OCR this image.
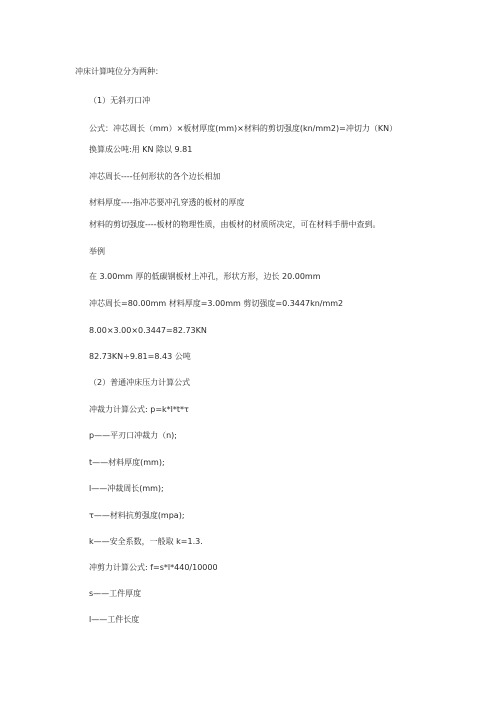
冲床计算吨位分为两种：
（1）无斜刃口冲
公式：冲芯周长（mm）×板材厚度(mm)×材料的剪切强度(kn/mm2)=冲切力（KN）
换算成公吨:用 KN 除以 9.81
冲芯周长----任何形状的各个边长相加
材料厚度----指冲芯要冲孔穿透的板材的厚度
材料的剪切强度----板材的物理性质，由板材的材质所决定，可在材料手册中查到。
举例
在 3.00mm 厚的低碳钢板材上冲孔，形状方形，边长 20.00mm
冲芯周长=80.00mm 材料厚度=3.00mm 剪切强度=0.3447kn/mm2
8.00×3.00×0.3447=82.73KN
82.73KN÷9.81=8.43 公吨
（2）普通冲床压力计算公式
冲裁力计算公式: p=k*l*t*τ
p——平刃口冲裁力（n);
t——材料厚度(mm);
l——冲裁周长(mm);
τ——材料抗剪强度(mpa);
k——安全系数，一般取 k=1.3.
冲剪力计算公式: f=s*l*440/10000
s——工件厚度
l——工件长度
